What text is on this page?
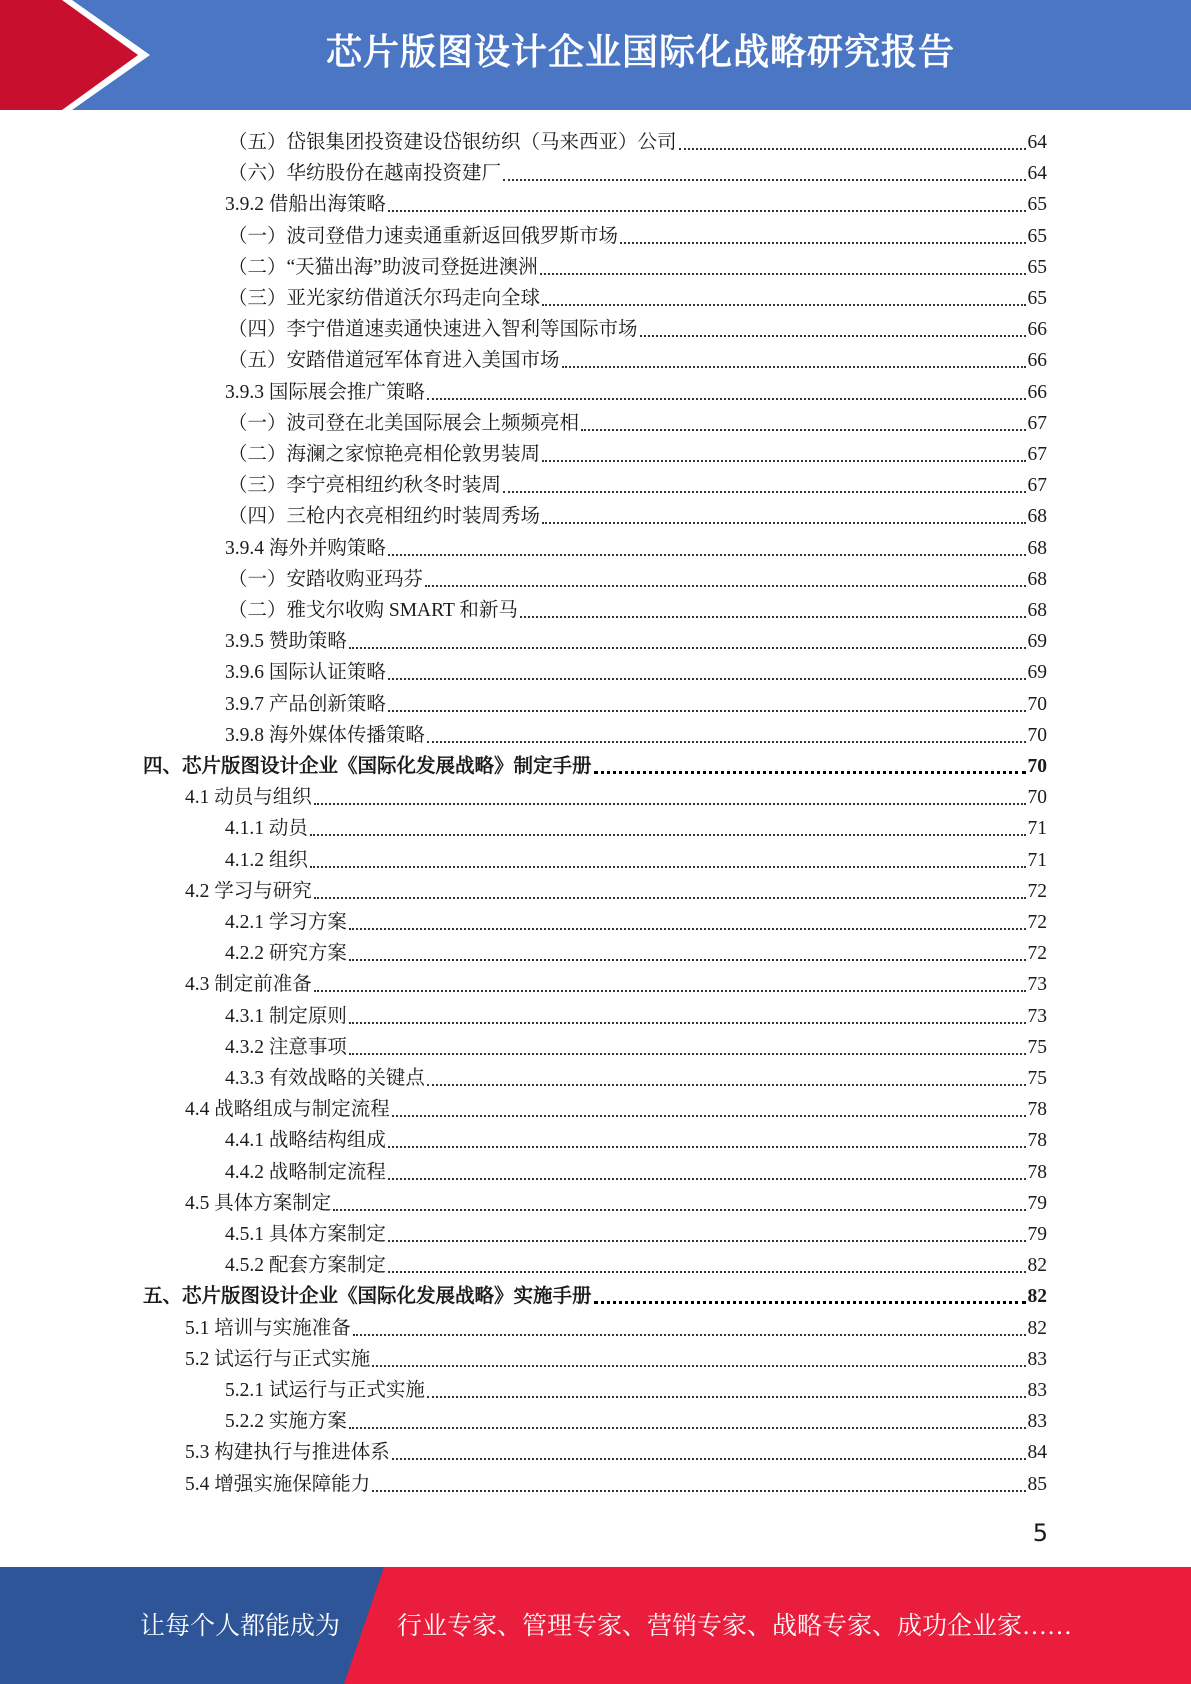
芯片版图设计企业国际化战略研究报告
（五）岱银集团投资建设岱银纺织（马来西亚）公司	64
（六）华纺股份在越南投资建厂	64
3.9.2 借船出海策略	65
（一）波司登借力速卖通重新返回俄罗斯市场	65
（二）“天猫出海”助波司登挺进澳洲	65
（三）亚光家纺借道沃尔玛走向全球	65
（四）李宁借道速卖通快速进入智利等国际市场	66
（五）安踏借道冠军体育进入美国市场	66
3.9.3 国际展会推广策略	66
（一）波司登在北美国际展会上频频亮相	67
（二）海澜之家惊艳亮相伦敦男装周	67
（三）李宁亮相纽约秋冬时装周	67
（四）三枪内衣亮相纽约时装周秀场	68
3.9.4 海外并购策略	68
（一）安踏收购亚玛芬	68
（二）雅戈尔收购 SMART 和新马	68
3.9.5 赞助策略	69
3.9.6 国际认证策略	69
3.9.7 产品创新策略	70
3.9.8 海外媒体传播策略	70
四、芯片版图设计企业《国际化发展战略》制定手册	70
4.1 动员与组织	70
4.1.1 动员	71
4.1.2 组织	71
4.2 学习与研究	72
4.2.1 学习方案	72
4.2.2 研究方案	72
4.3 制定前准备	73
4.3.1 制定原则	73
4.3.2 注意事项	75
4.3.3 有效战略的关键点	75
4.4 战略组成与制定流程	78
4.4.1 战略结构组成	78
4.4.2 战略制定流程	78
4.5 具体方案制定	79
4.5.1 具体方案制定	79
4.5.2 配套方案制定	82
五、芯片版图设计企业《国际化发展战略》实施手册	82
5.1 培训与实施准备	82
5.2 试运行与正式实施	83
5.2.1 试运行与正式实施	83
5.2.2 实施方案	83
5.3 构建执行与推进体系	84
5.4 增强实施保障能力	85
5
让每个人都能成为 行业专家、管理专家、营销专家、战略专家、成功企业家……
